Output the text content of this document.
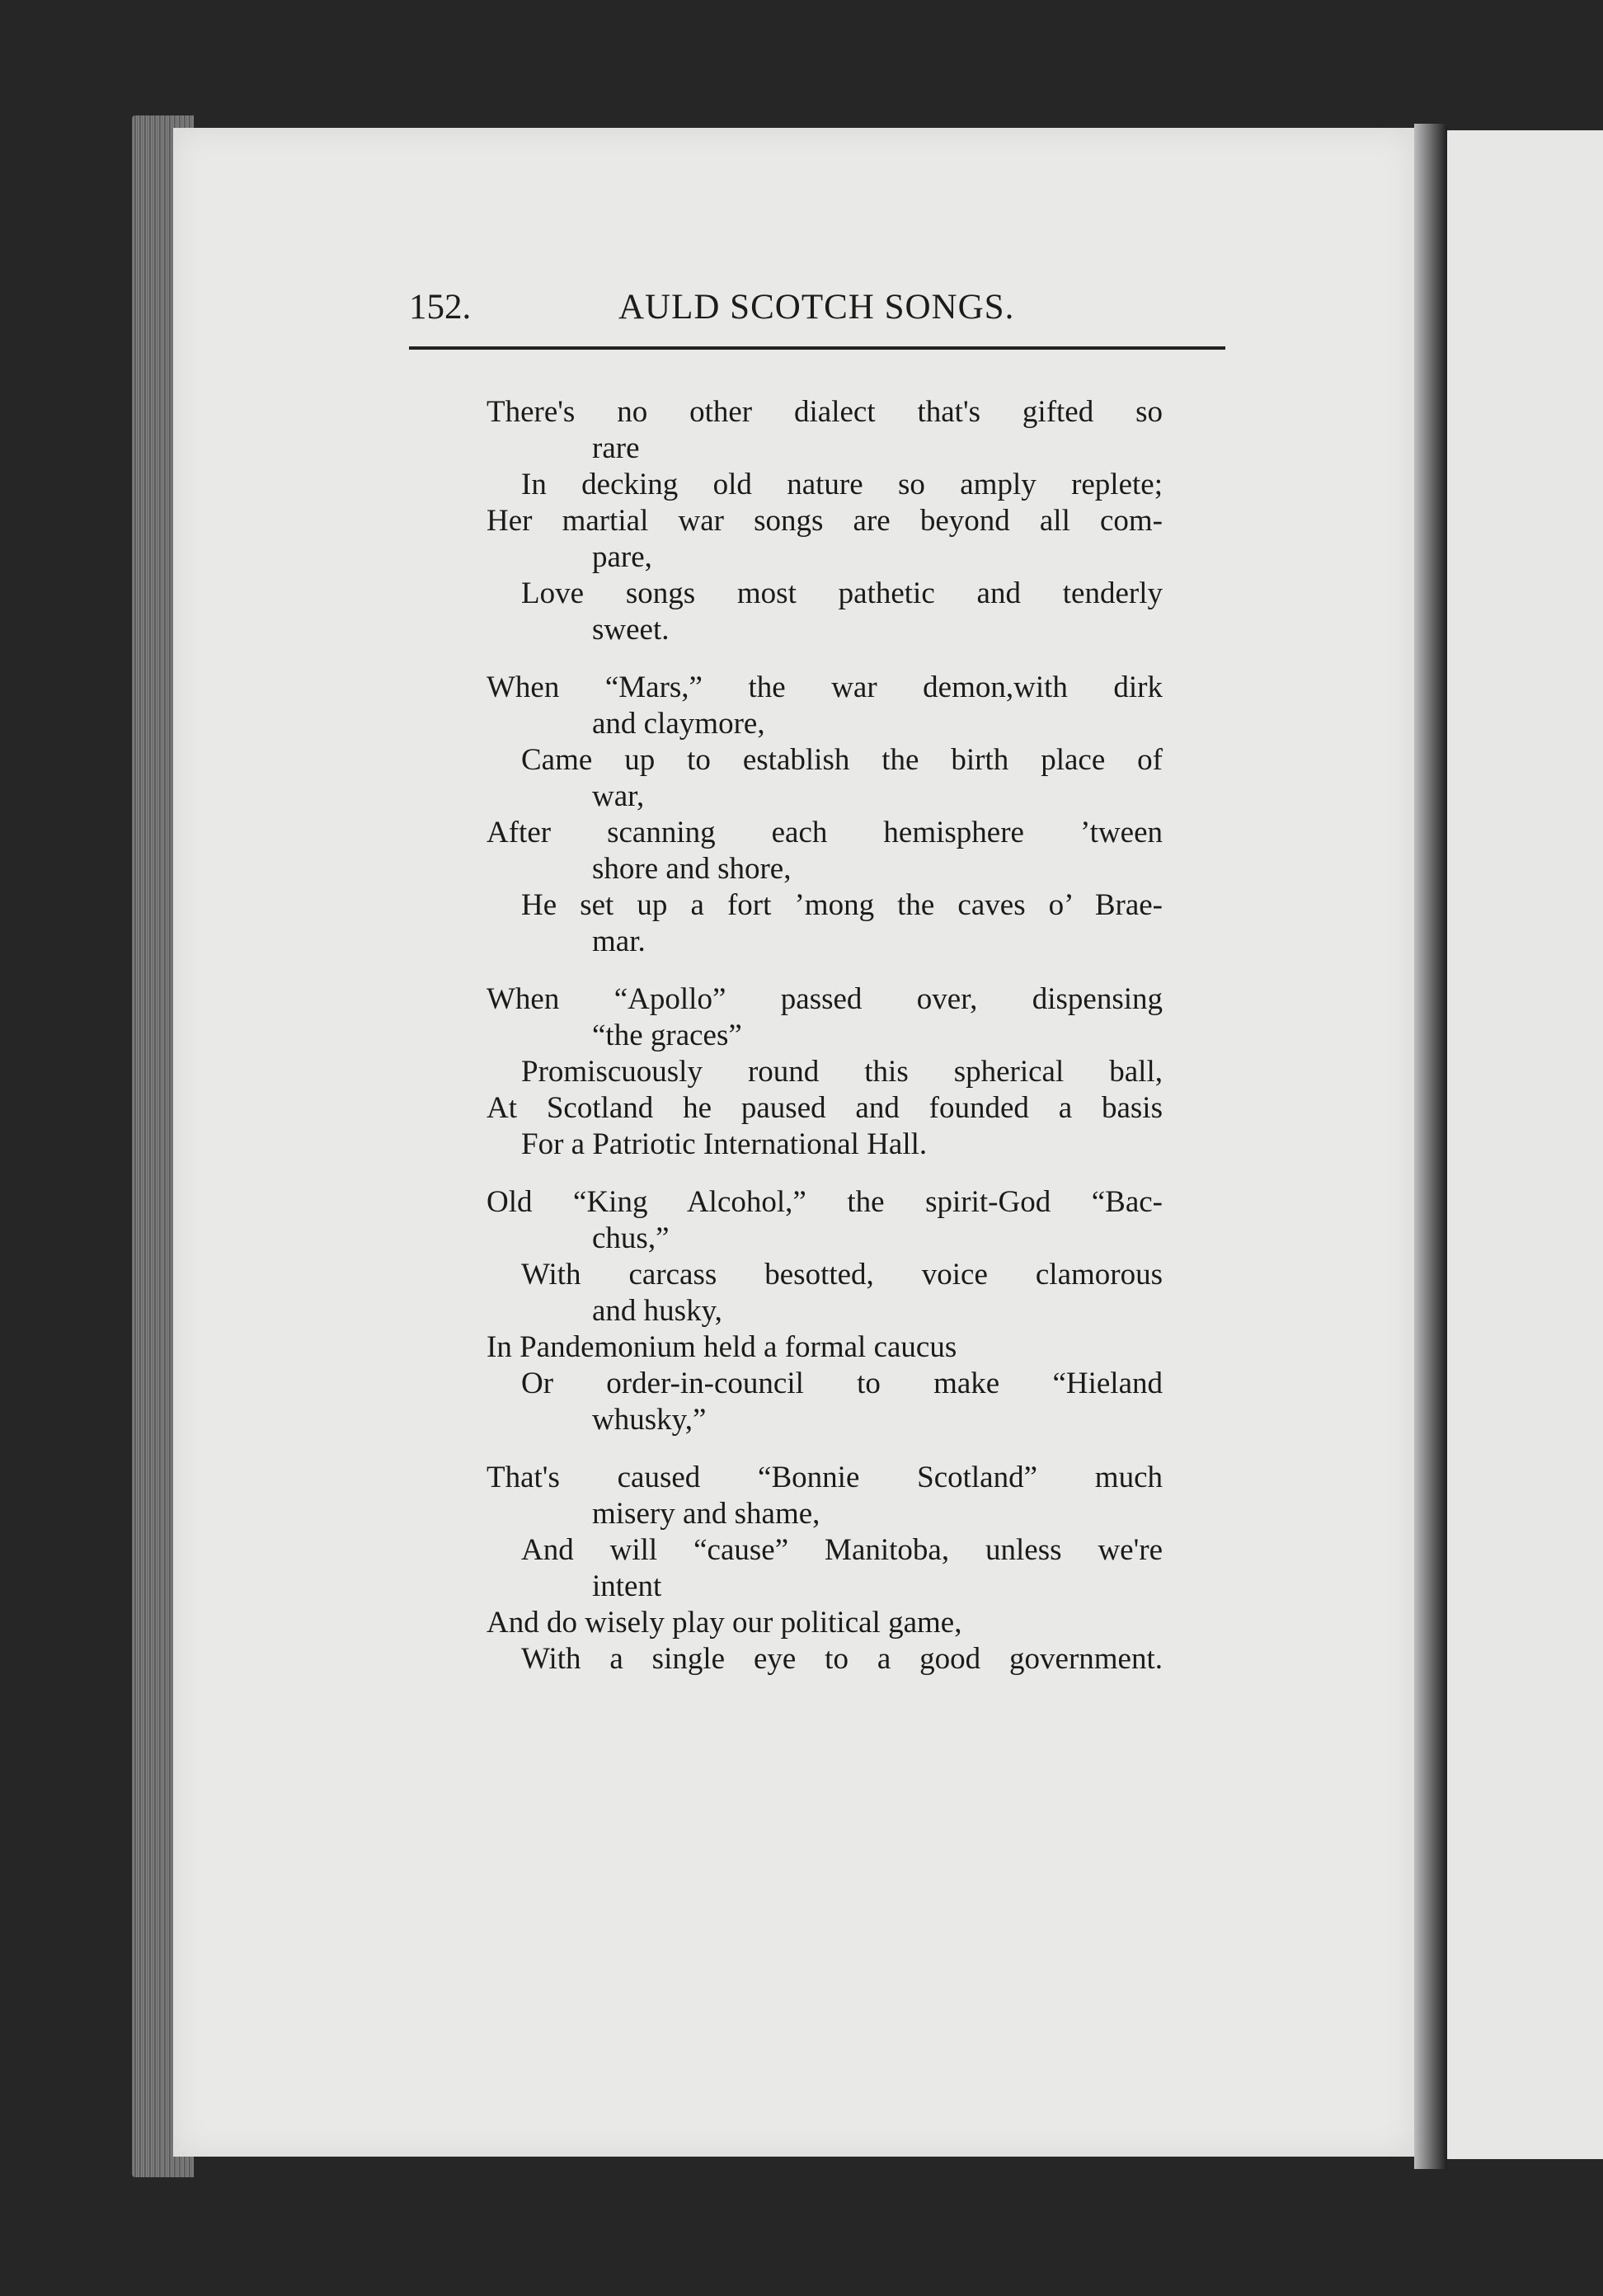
152.	AULD SCOTCH SONGS.
There's no other dialect that's gifted so
rare
In decking old nature so amply replete;
Her martial war songs are beyond all com-
pare,
Love songs most pathetic and tenderly
sweet.
When “Mars,” the war demon,with dirk
and claymore,
Came up to establish the birth place of
war,
After scanning each hemisphere ’tween
shore and shore,
He set up a fort ’mong the caves o’ Brae-
mar.
When “Apollo” passed over, dispensing
“the graces”
Promiscuously round this spherical ball,
At Scotland he paused and founded a basis
For a Patriotic International Hall.
Old “King Alcohol,” the spirit-God “Bac-
chus,”
With carcass besotted, voice clamorous
and husky,
In Pandemonium held a formal caucus
Or order-in-council to make “Hieland
whusky,”
That's caused “Bonnie Scotland” much
misery and shame,
And will “cause” Manitoba, unless we're
intent
And do wisely play our political game,
With a single eye to a good government.
